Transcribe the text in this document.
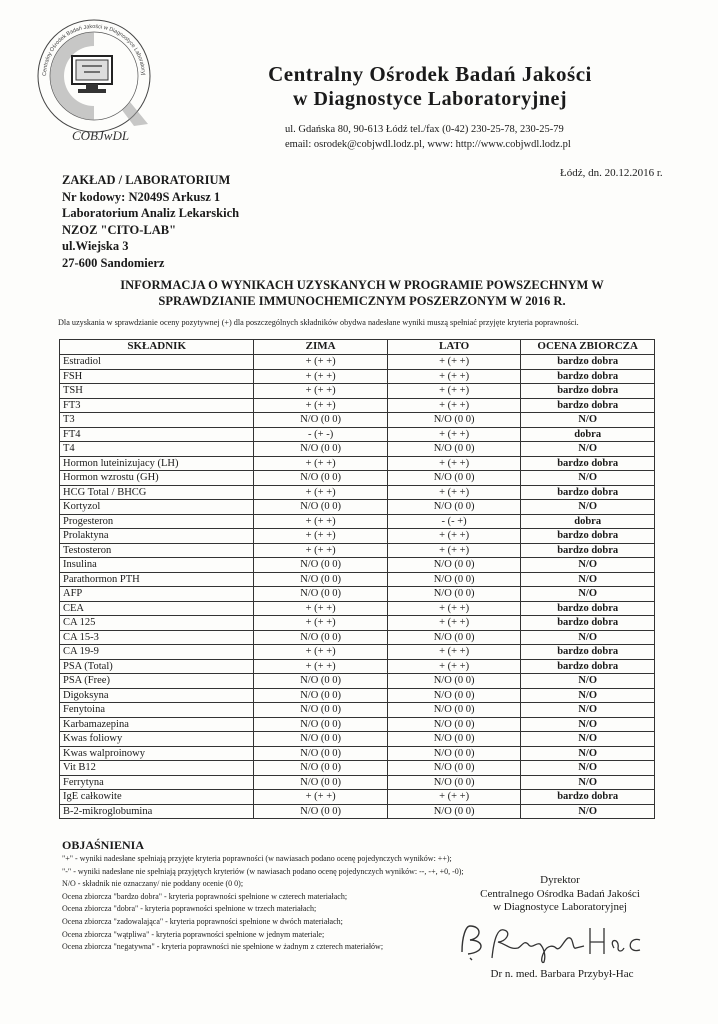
COBJwDL
Centralny Ośrodek Badań Jakości w Diagnostyce Laboratoryj	Centralny Ośrodek Badań Jakości
w Diagnostyce Laboratoryjnej
ul. Gdańska 80, 90-613 Łódź tel./fax (0-42) 230-25-78, 230-25-79
email: osrodek@cobjwdl.lodz.pl, www: http://www.cobjwdl.lodz.pl
Łódź, dn. 20.12.2016 r.
ZAKŁAD / LABORATORIUM
Nr kodowy: N2049S Arkusz 1
Laboratorium Analiz Lekarskich
NZOZ "CITO-LAB"
ul.Wiejska 3
27-600 Sandomierz
INFORMACJA O WYNIKACH UZYSKANYCH W PROGRAMIE POWSZECHNYM W
SPRAWDZIANIE IMMUNOCHEMICZNYM POSZERZONYM W 2016 R.
Dla uzyskania w sprawdzianie oceny pozytywnej (+) dla poszczególnych składników obydwa nadesłane wyniki muszą spełniać przyjęte kryteria poprawności.
SKŁADNIK	ZIMA	LATO	OCENA ZBIORCZA
Estradiol	+ (+ +)	+ (+ +)	bardzo dobra
FSH	+ (+ +)	+ (+ +)	bardzo dobra
TSH	+ (+ +)	+ (+ +)	bardzo dobra
FT3	+ (+ +)	+ (+ +)	bardzo dobra
T3	N/O (0 0)	N/O (0 0)	N/O
FT4	- (+ -)	+ (+ +)	dobra
T4	N/O (0 0)	N/O (0 0)	N/O
Hormon luteinizujacy (LH)	+ (+ +)	+ (+ +)	bardzo dobra
Hormon wzrostu (GH)	N/O (0 0)	N/O (0 0)	N/O
HCG Total / BHCG	+ (+ +)	+ (+ +)	bardzo dobra
Kortyzol	N/O (0 0)	N/O (0 0)	N/O
Progesteron	+ (+ +)	- (- +)	dobra
Prolaktyna	+ (+ +)	+ (+ +)	bardzo dobra
Testosteron	+ (+ +)	+ (+ +)	bardzo dobra
Insulina	N/O (0 0)	N/O (0 0)	N/O
Parathormon PTH	N/O (0 0)	N/O (0 0)	N/O
AFP	N/O (0 0)	N/O (0 0)	N/O
CEA	+ (+ +)	+ (+ +)	bardzo dobra
CA 125	+ (+ +)	+ (+ +)	bardzo dobra
CA 15-3	N/O (0 0)	N/O (0 0)	N/O
CA 19-9	+ (+ +)	+ (+ +)	bardzo dobra
PSA (Total)	+ (+ +)	+ (+ +)	bardzo dobra
PSA (Free)	N/O (0 0)	N/O (0 0)	N/O
Digoksyna	N/O (0 0)	N/O (0 0)	N/O
Fenytoina	N/O (0 0)	N/O (0 0)	N/O
Karbamazepina	N/O (0 0)	N/O (0 0)	N/O
Kwas foliowy	N/O (0 0)	N/O (0 0)	N/O
Kwas walproinowy	N/O (0 0)	N/O (0 0)	N/O
Vit B12	N/O (0 0)	N/O (0 0)	N/O
Ferrytyna	N/O (0 0)	N/O (0 0)	N/O
IgE całkowite	+ (+ +)	+ (+ +)	bardzo dobra
B-2-mikroglobumina	N/O (0 0)	N/O (0 0)	N/O
OBJAŚNIENIA
"+" - wyniki nadesłane spełniają przyjęte kryteria poprawności (w nawiasach podano ocenę pojedynczych wyników: ++);
"-" - wyniki nadesłane nie spełniają przyjętych kryteriów (w nawiasach podano ocenę pojedynczych wyników: --, -+, +0, -0);
N/O - składnik nie oznaczany/ nie poddany ocenie (0 0);
Ocena zbiorcza "bardzo dobra" - kryteria poprawności spełnione w czterech materiałach;
Ocena zbiorcza "dobra" - kryteria poprawności spełnione w trzech materiałach;
Ocena zbiorcza "zadowalająca" - kryteria poprawności spełnione w dwóch materiałach;
Ocena zbiorcza "wątpliwa" - kryteria poprawności spełnione w jednym materiale;
Ocena zbiorcza "negatywna" - kryteria poprawności nie spełnione w żadnym z czterech materiałów;
Dyrektor
Centralnego Ośrodka Badań Jakości
w Diagnostyce Laboratoryjnej
Dr n. med. Barbara Przybył-Hac
